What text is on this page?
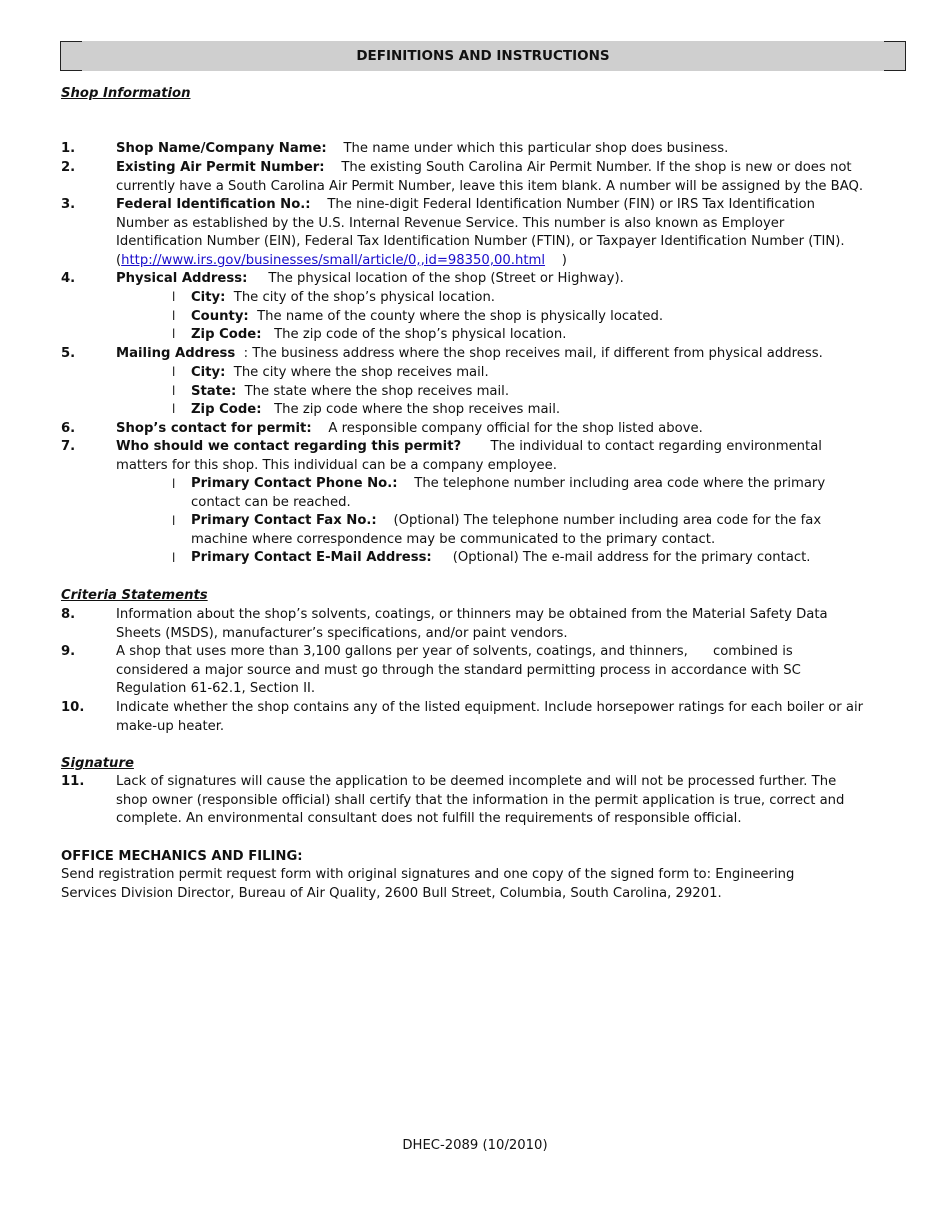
DEFINITIONS AND INSTRUCTIONS
Shop Information
1.	Shop Name/Company Name: The name under which this particular shop does business.
2.	Existing Air Permit Number: The existing South Carolina Air Permit Number. If the shop is new or does not currently have a South Carolina Air Permit Number, leave this item blank. A number will be assigned by the BAQ.
3.	Federal Identification No.: The nine-digit Federal Identification Number (FIN) or IRS Tax Identification Number as established by the U.S. Internal Revenue Service. This number is also known as Employer Identification Number (EIN), Federal Tax Identification Number (FTIN), or Taxpayer Identification Number (TIN).
(http://www.irs.gov/businesses/small/article/0,,id=98350,00.html    )
4.	Physical Address: The physical location of the shop (Street or Highway).
l City: The city of the shop’s physical location.
l County: The name of the county where the shop is physically located.
l Zip Code: The zip code of the shop’s physical location.
5.	Mailing Address : The business address where the shop receives mail, if different from physical address.
l City: The city where the shop receives mail.
l State: The state where the shop receives mail.
l Zip Code: The zip code where the shop receives mail.
6.	Shop’s contact for permit: A responsible company official for the shop listed above.
7.	Who should we contact regarding this permit? The individual to contact regarding environmental matters for this shop. This individual can be a company employee.
l Primary Contact Phone No.: The telephone number including area code where the primary contact can be reached.
l Primary Contact Fax No.: (Optional) The telephone number including area code for the fax machine where correspondence may be communicated to the primary contact.
l Primary Contact E-Mail Address: (Optional) The e-mail address for the primary contact.
Criteria Statements
8.	Information about the shop’s solvents, coatings, or thinners may be obtained from the Material Safety Data Sheets (MSDS), manufacturer’s specifications, and/or paint vendors.
9.	A shop that uses more than 3,100 gallons per year of solvents, coatings, and thinners,      combined is considered a major source and must go through the standard permitting process in accordance with SC Regulation 61-62.1, Section II.
10. Indicate whether the shop contains any of the listed equipment. Include horsepower ratings for each boiler or air make-up heater.
Signature
11. Lack of signatures will cause the application to be deemed incomplete and will not be processed further. The shop owner (responsible official) shall certify that the information in the permit application is true, correct and complete. An environmental consultant does not fulfill the requirements of responsible official.
OFFICE MECHANICS AND FILING:
Send registration permit request form with original signatures and one copy of the signed form to: Engineering Services Division Director, Bureau of Air Quality, 2600 Bull Street, Columbia, South Carolina, 29201.
DHEC-2089 (10/2010)
